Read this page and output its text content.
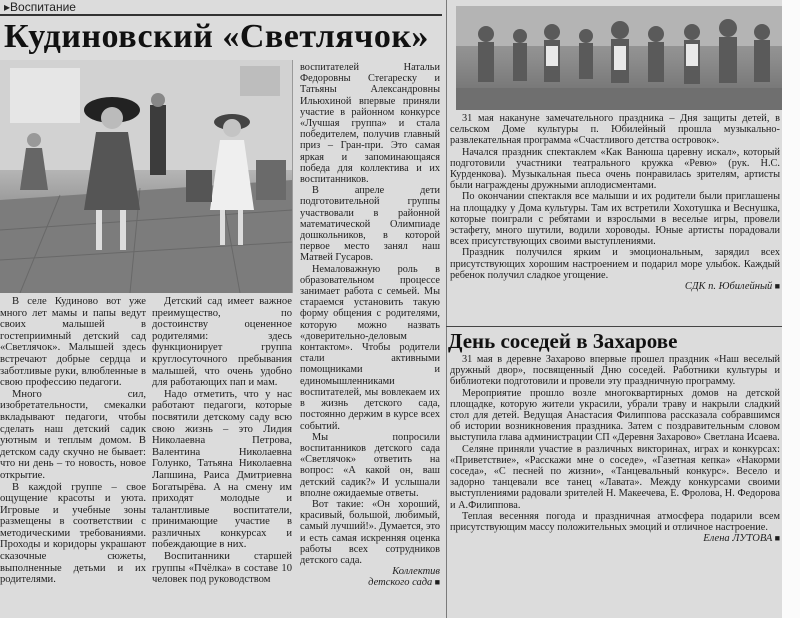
▸ Воспитание
Кудиновский «Светлячок»

В селе Кудиново вот уже много лет мамы и папы ведут своих малышей в гостеприимный детский сад «Светлячок». Малышей здесь встречают добрые сердца и заботливые руки, влюбленные в свою профессию педагоги.

Много сил, изобретательности, смекалки вкладывают педагоги, чтобы сделать наш детский садик уютным и теплым домом. В детском саду скучно не бывает: что ни день – то новость, новое открытие.

В каждой группе – свое ощущение красоты и уюта. Игровые и учебные зоны размещены в соответствии с методическими требованиями. Проходы и коридоры украшают сказочные сюжеты, выполненные детьми и их родителями.

Детский сад имеет важное преимущество, по достоинству оцененное родителями: здесь функционирует группа круглосуточного пребывания малышей, что очень удобно для работающих пап и мам.

Надо отметить, что у нас работают педагоги, которые посвятили детскому саду всю свою жизнь – это Лидия Николаевна Петрова, Валентина Николаевна Голунко, Татьяна Николаевна Лапшина, Раиса Дмитриевна Богатырёва. А на смену им приходят молодые и талантливые воспитатели, принимающие участие в различных конкурсах и побеждающие в них.

Воспитанники старшей группы «Пчёлка» в составе 10 человек под руководством

воспитателей Натальи Федоровны Стегареску и Татьяны Александровны Ильюхиной впервые приняли участие в районном конкурсе «Лучшая группа» и стала победителем, получив главный приз – Гран-при. Это самая яркая и запоминающаяся победа для коллектива и их воспитанников.

В апреле дети подготовительной группы участвовали в районной математической Олимпиаде дошкольников, в которой первое место занял наш Матвей Гусаров.

Немаловажную роль в образовательном процессе занимает работа с семьей. Мы стараемся установить такую форму общения с родителями, которую можно назвать «доверительно-деловым контактом». Чтобы родители стали активными помощниками и единомышленниками воспитателей, мы вовлекаем их в жизнь детского сада, постоянно держим в курсе всех событий.

Мы попросили воспитанников детского сада «Светлячок» ответить на вопрос: «А какой он, ваш детский садик?» И услышали вполне ожидаемые ответы.

Вот такие: «Он хороший, красивый, большой, любимый, самый лучший!». Думается, это и есть самая искренняя оценка работы всех сотрудников детского сада.

Коллектив
детского сада ■

31 мая накануне замечательного праздника – Дня защиты детей, в сельском Доме культуры п. Юбилейный прошла музыкально-развлекательная программа «Счастливого детства островок».

Начался праздник спектаклем «Как Ванюша царевну искал», который подготовили участники театрального кружка «Ревю» (рук. Н.С. Курденкова). Музыкальная пьеса очень понравилась зрителям, артисты были награждены дружными аплодисментами.

По окончании спектакля все малыши и их родители были приглашены на площадку у Дома культуры. Там их встретили Хохотушка и Веснушка, которые поиграли с ребятами и взрослыми в веселые игры, провели эстафету, много шутили, водили хороводы. Юные артисты порадовали всех присутствующих своими выступлениями.

Праздник получился ярким и эмоциональным, зарядил всех присутствующих хорошим настроением и подарил море улыбок. Каждый ребенок получил сладкое угощение.

СДК п. Юбилейный ■
День соседей в Захарове

31 мая в деревне Захарово впервые прошел праздник «Наш веселый дружный двор», посвященный Дню соседей. Работники культуры и библиотеки подготовили и провели эту праздничную программу.

Мероприятие прошло возле многоквартирных домов на детской площадке, которую жители украсили, убрали траву и накрыли сладкий стол для детей. Ведущая Анастасия Филиппова рассказала собравшимся об истории возникновения праздника. Затем с поздравительным словом выступила глава администрации СП «Деревня Захарово» Светлана Исаева.

Селяне приняли участие в различных викторинах, играх и конкурсах: «Приветствие», «Расскажи мне о соседе», «Газетная кепка» «Накорми соседа», «С песней по жизни», «Танцевальный конкурс». Весело и задорно танцевали все танец «Лавата». Между конкурсами своими выступлениями радовали зрителей Н. Макеечева, Е. Фролова, Н. Федорова и А.Филиппова.

Теплая весенняя погода и праздничная атмосфера подарили всем присутствующим массу положительных эмоций и отличное настроение.

Елена ЛУТОВА ■
